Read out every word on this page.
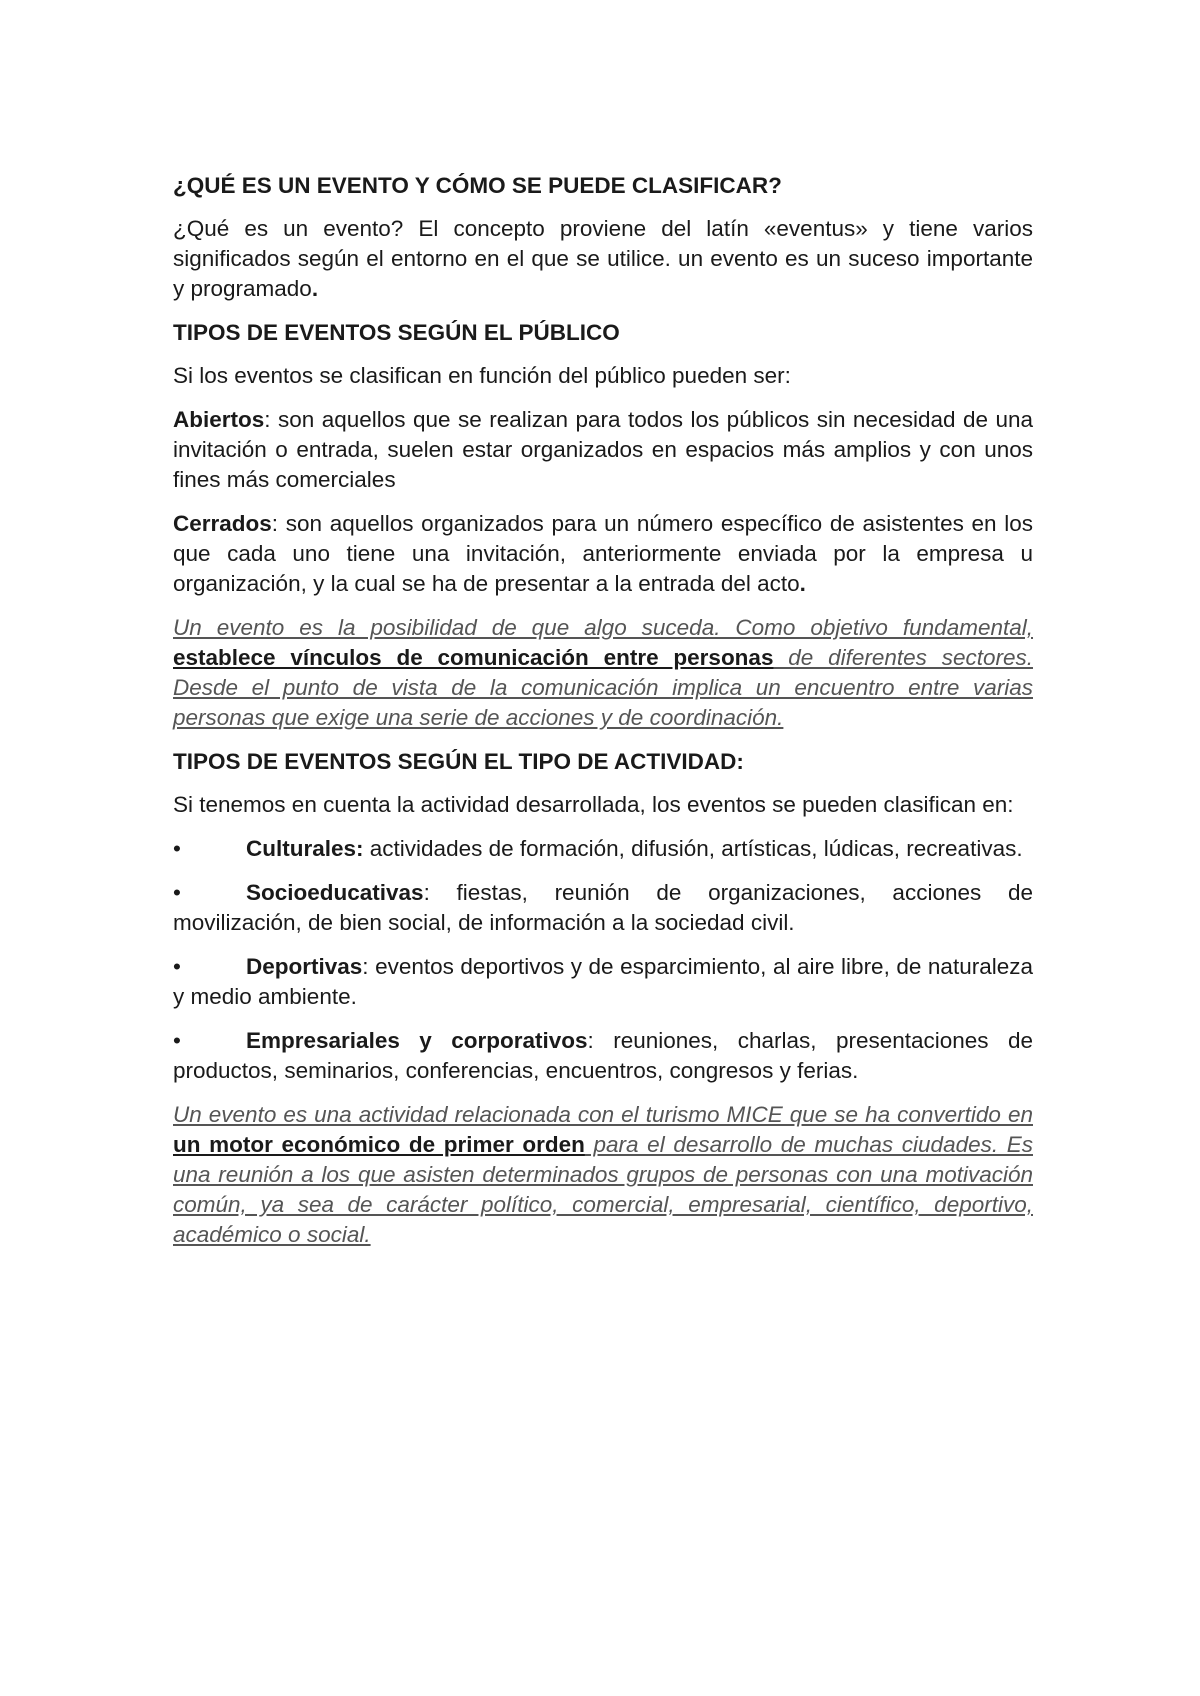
¿QUÉ ES UN EVENTO Y CÓMO SE PUEDE CLASIFICAR?

¿Qué es un evento? El concepto proviene del latín «eventus» y tiene varios significados según el entorno en el que se utilice. un evento es un suceso importante y programado.

TIPOS DE EVENTOS SEGÚN EL PÚBLICO

Si los eventos se clasifican en función del público pueden ser:

Abiertos: son aquellos que se realizan para todos los públicos sin necesidad de una invitación o entrada, suelen estar organizados en espacios más amplios y con unos fines más comerciales

Cerrados: son aquellos organizados para un número específico de asistentes en los que cada uno tiene una invitación, anteriormente enviada por la empresa u organización, y la cual se ha de presentar a la entrada del acto.

Un evento es la posibilidad de que algo suceda. Como objetivo fundamental, establece vínculos de comunicación entre personas de diferentes sectores. Desde el punto de vista de la comunicación implica un encuentro entre varias personas que exige una serie de acciones y de coordinación.

TIPOS DE EVENTOS SEGÚN EL TIPO DE ACTIVIDAD:

Si tenemos en cuenta la actividad desarrollada, los eventos se pueden clasifican en:

•	Culturales: actividades de formación, difusión, artísticas, lúdicas, recreativas.

•	Socioeducativas: fiestas, reunión de organizaciones, acciones de movilización, de bien social, de información a la sociedad civil.

•	Deportivas: eventos deportivos y de esparcimiento, al aire libre, de naturaleza y medio ambiente.

•	Empresariales y corporativos: reuniones, charlas, presentaciones de productos, seminarios, conferencias, encuentros, congresos y ferias.

Un evento es una actividad relacionada con el turismo MICE que se ha convertido en un motor económico de primer orden para el desarrollo de muchas ciudades. Es una reunión a los que asisten determinados grupos de personas con una motivación común, ya sea de carácter político, comercial, empresarial, científico, deportivo, académico o social.
